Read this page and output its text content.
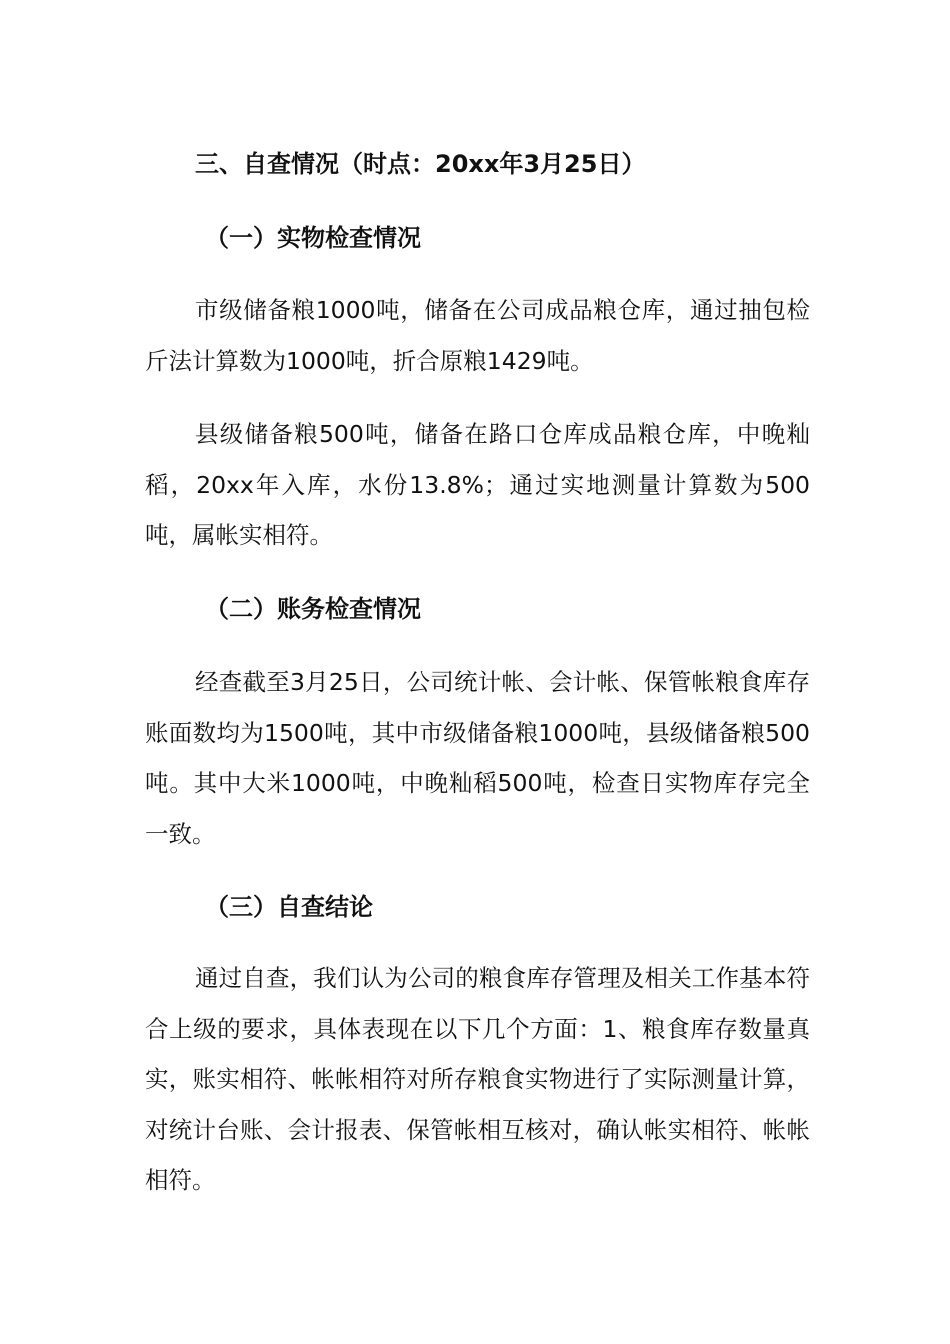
三、自查情况（时点：20xx年3月25日）
（一）实物检查情况

市级储备粮1000吨，储备在公司成品粮仓库，通过抽包检斤法计算数为1000吨，折合原粮1429吨。

县级储备粮500吨，储备在路口仓库成品粮仓库，中晚籼稻，20xx年入库，水份13.8%；通过实地测量计算数为500吨，属帐实相符。

（二）账务检查情况

经查截至3月25日，公司统计帐、会计帐、保管帐粮食库存账面数均为1500吨，其中市级储备粮1000吨，县级储备粮500吨。其中大米1000吨，中晚籼稻500吨，检查日实物库存完全一致。

（三）自查结论

通过自查，我们认为公司的粮食库存管理及相关工作基本符合上级的要求，具体表现在以下几个方面：1、粮食库存数量真实，账实相符、帐帐相符对所存粮食实物进行了实际测量计算，对统计台账、会计报表、保管帐相互核对，确认帐实相符、帐帐相符。
